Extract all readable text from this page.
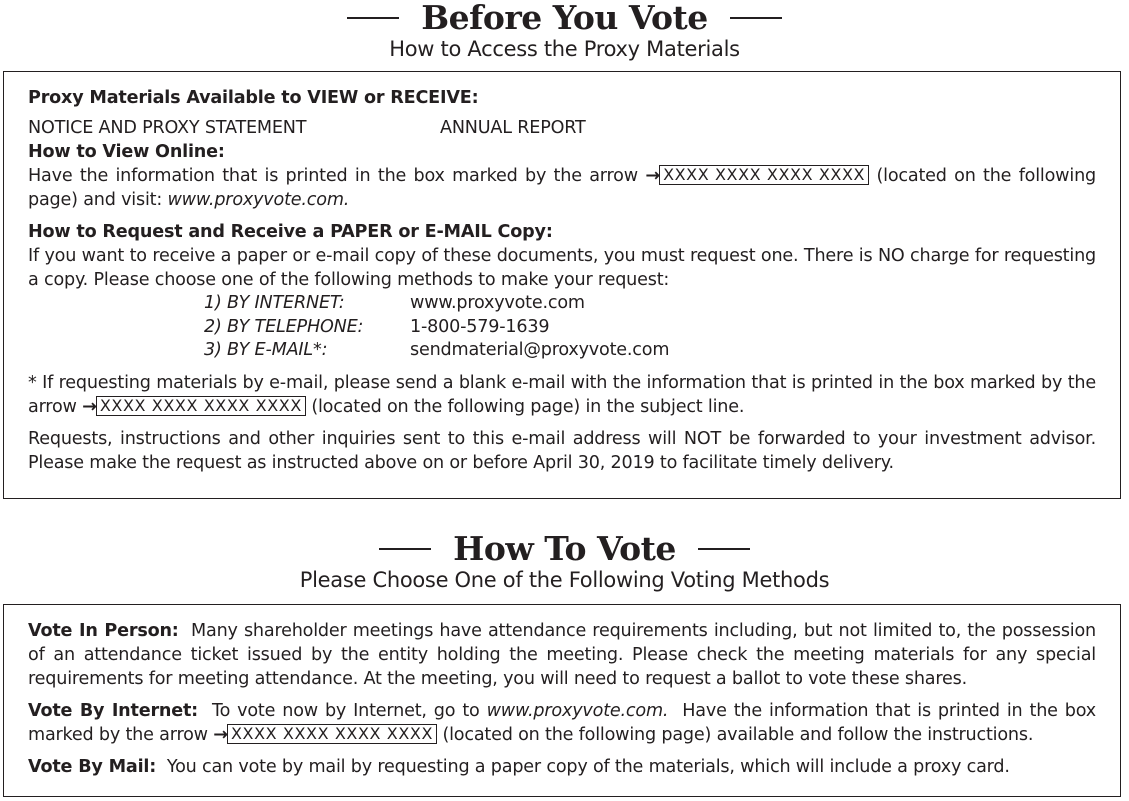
Before You Vote
How to Access the Proxy Materials

Proxy Materials Available to VIEW or RECEIVE:

NOTICE AND PROXY STATEMENT	ANNUAL REPORT

How to View Online:

Have the information that is printed in the box marked by the arrow → XXXX XXXX XXXX XXXX (located on the following page) and visit: www.proxyvote.com.

How to Request and Receive a PAPER or E-MAIL Copy:

If you want to receive a paper or e-mail copy of these documents, you must request one. There is NO charge for requesting a copy. Please choose one of the following methods to make your request:

1) BY INTERNET:	www.proxyvote.com
2) BY TELEPHONE:	1-800-579-1639
3) BY E-MAIL*:	sendmaterial@proxyvote.com

* If requesting materials by e-mail, please send a blank e-mail with the information that is printed in the box marked by the arrow → XXXX XXXX XXXX XXXX (located on the following page) in the subject line.

Requests, instructions and other inquiries sent to this e-mail address will NOT be forwarded to your investment advisor. Please make the request as instructed above on or before April 30, 2019 to facilitate timely delivery.

How To Vote
Please Choose One of the Following Voting Methods

Vote In Person: Many shareholder meetings have attendance requirements including, but not limited to, the possession of an attendance ticket issued by the entity holding the meeting. Please check the meeting materials for any special requirements for meeting attendance. At the meeting, you will need to request a ballot to vote these shares.

Vote By Internet: To vote now by Internet, go to www.proxyvote.com. Have the information that is printed in the box marked by the arrow → XXXX XXXX XXXX XXXX (located on the following page) available and follow the instructions.

Vote By Mail: You can vote by mail by requesting a paper copy of the materials, which will include a proxy card.
